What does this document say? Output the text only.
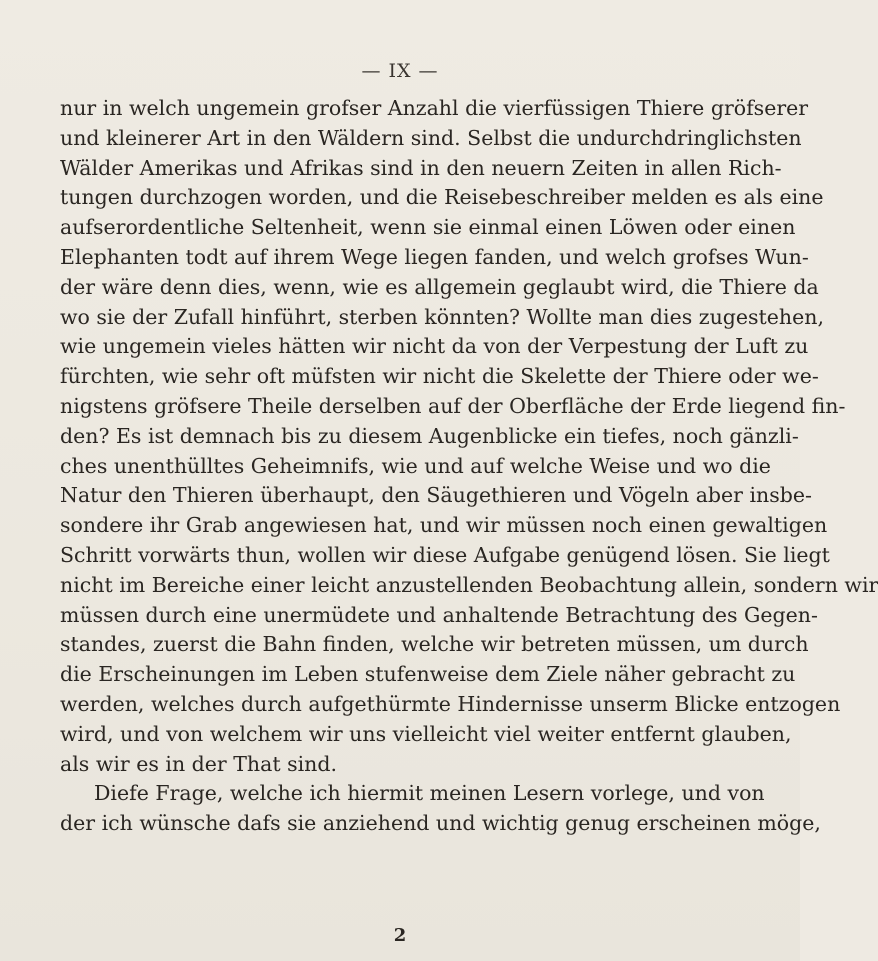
— IX —
nur in welch ungemein grofser Anzahl die vierfüssigen Thiere gröfserer
und kleinerer Art in den Wäldern sind. Selbst die undurchdringlichsten
Wälder Amerikas und Afrikas sind in den neuern Zeiten in allen Rich-
tungen durchzogen worden, und die Reisebeschreiber melden es als eine
aufserordentliche Seltenheit, wenn sie einmal einen Löwen oder einen
Elephanten todt auf ihrem Wege liegen fanden, und welch grofses Wun-
der wäre denn dies, wenn, wie es allgemein geglaubt wird, die Thiere da
wo sie der Zufall hinführt, sterben könnten? Wollte man dies zugestehen,
wie ungemein vieles hätten wir nicht da von der Verpestung der Luft zu
fürchten, wie sehr oft müfsten wir nicht die Skelette der Thiere oder we-
nigstens gröfsere Theile derselben auf der Oberfläche der Erde liegend fin-
den? Es ist demnach bis zu diesem Augenblicke ein tiefes, noch gänzli-
ches unenthülltes Geheimnifs, wie und auf welche Weise und wo die
Natur den Thieren überhaupt, den Säugethieren und Vögeln aber insbe-
sondere ihr Grab angewiesen hat, und wir müssen noch einen gewaltigen
Schritt vorwärts thun, wollen wir diese Aufgabe genügend lösen. Sie liegt
nicht im Bereiche einer leicht anzustellenden Beobachtung allein, sondern wir
müssen durch eine unermüdete und anhaltende Betrachtung des Gegen-
standes, zuerst die Bahn finden, welche wir betreten müssen, um durch
die Erscheinungen im Leben stufenweise dem Ziele näher gebracht zu
werden, welches durch aufgethürmte Hindernisse unserm Blicke entzogen
wird, und von welchem wir uns vielleicht viel weiter entfernt glauben,
als wir es in der That sind.
Diefe Frage, welche ich hiermit meinen Lesern vorlege, und von
der ich wünsche dafs sie anziehend und wichtig genug erscheinen möge,
2
